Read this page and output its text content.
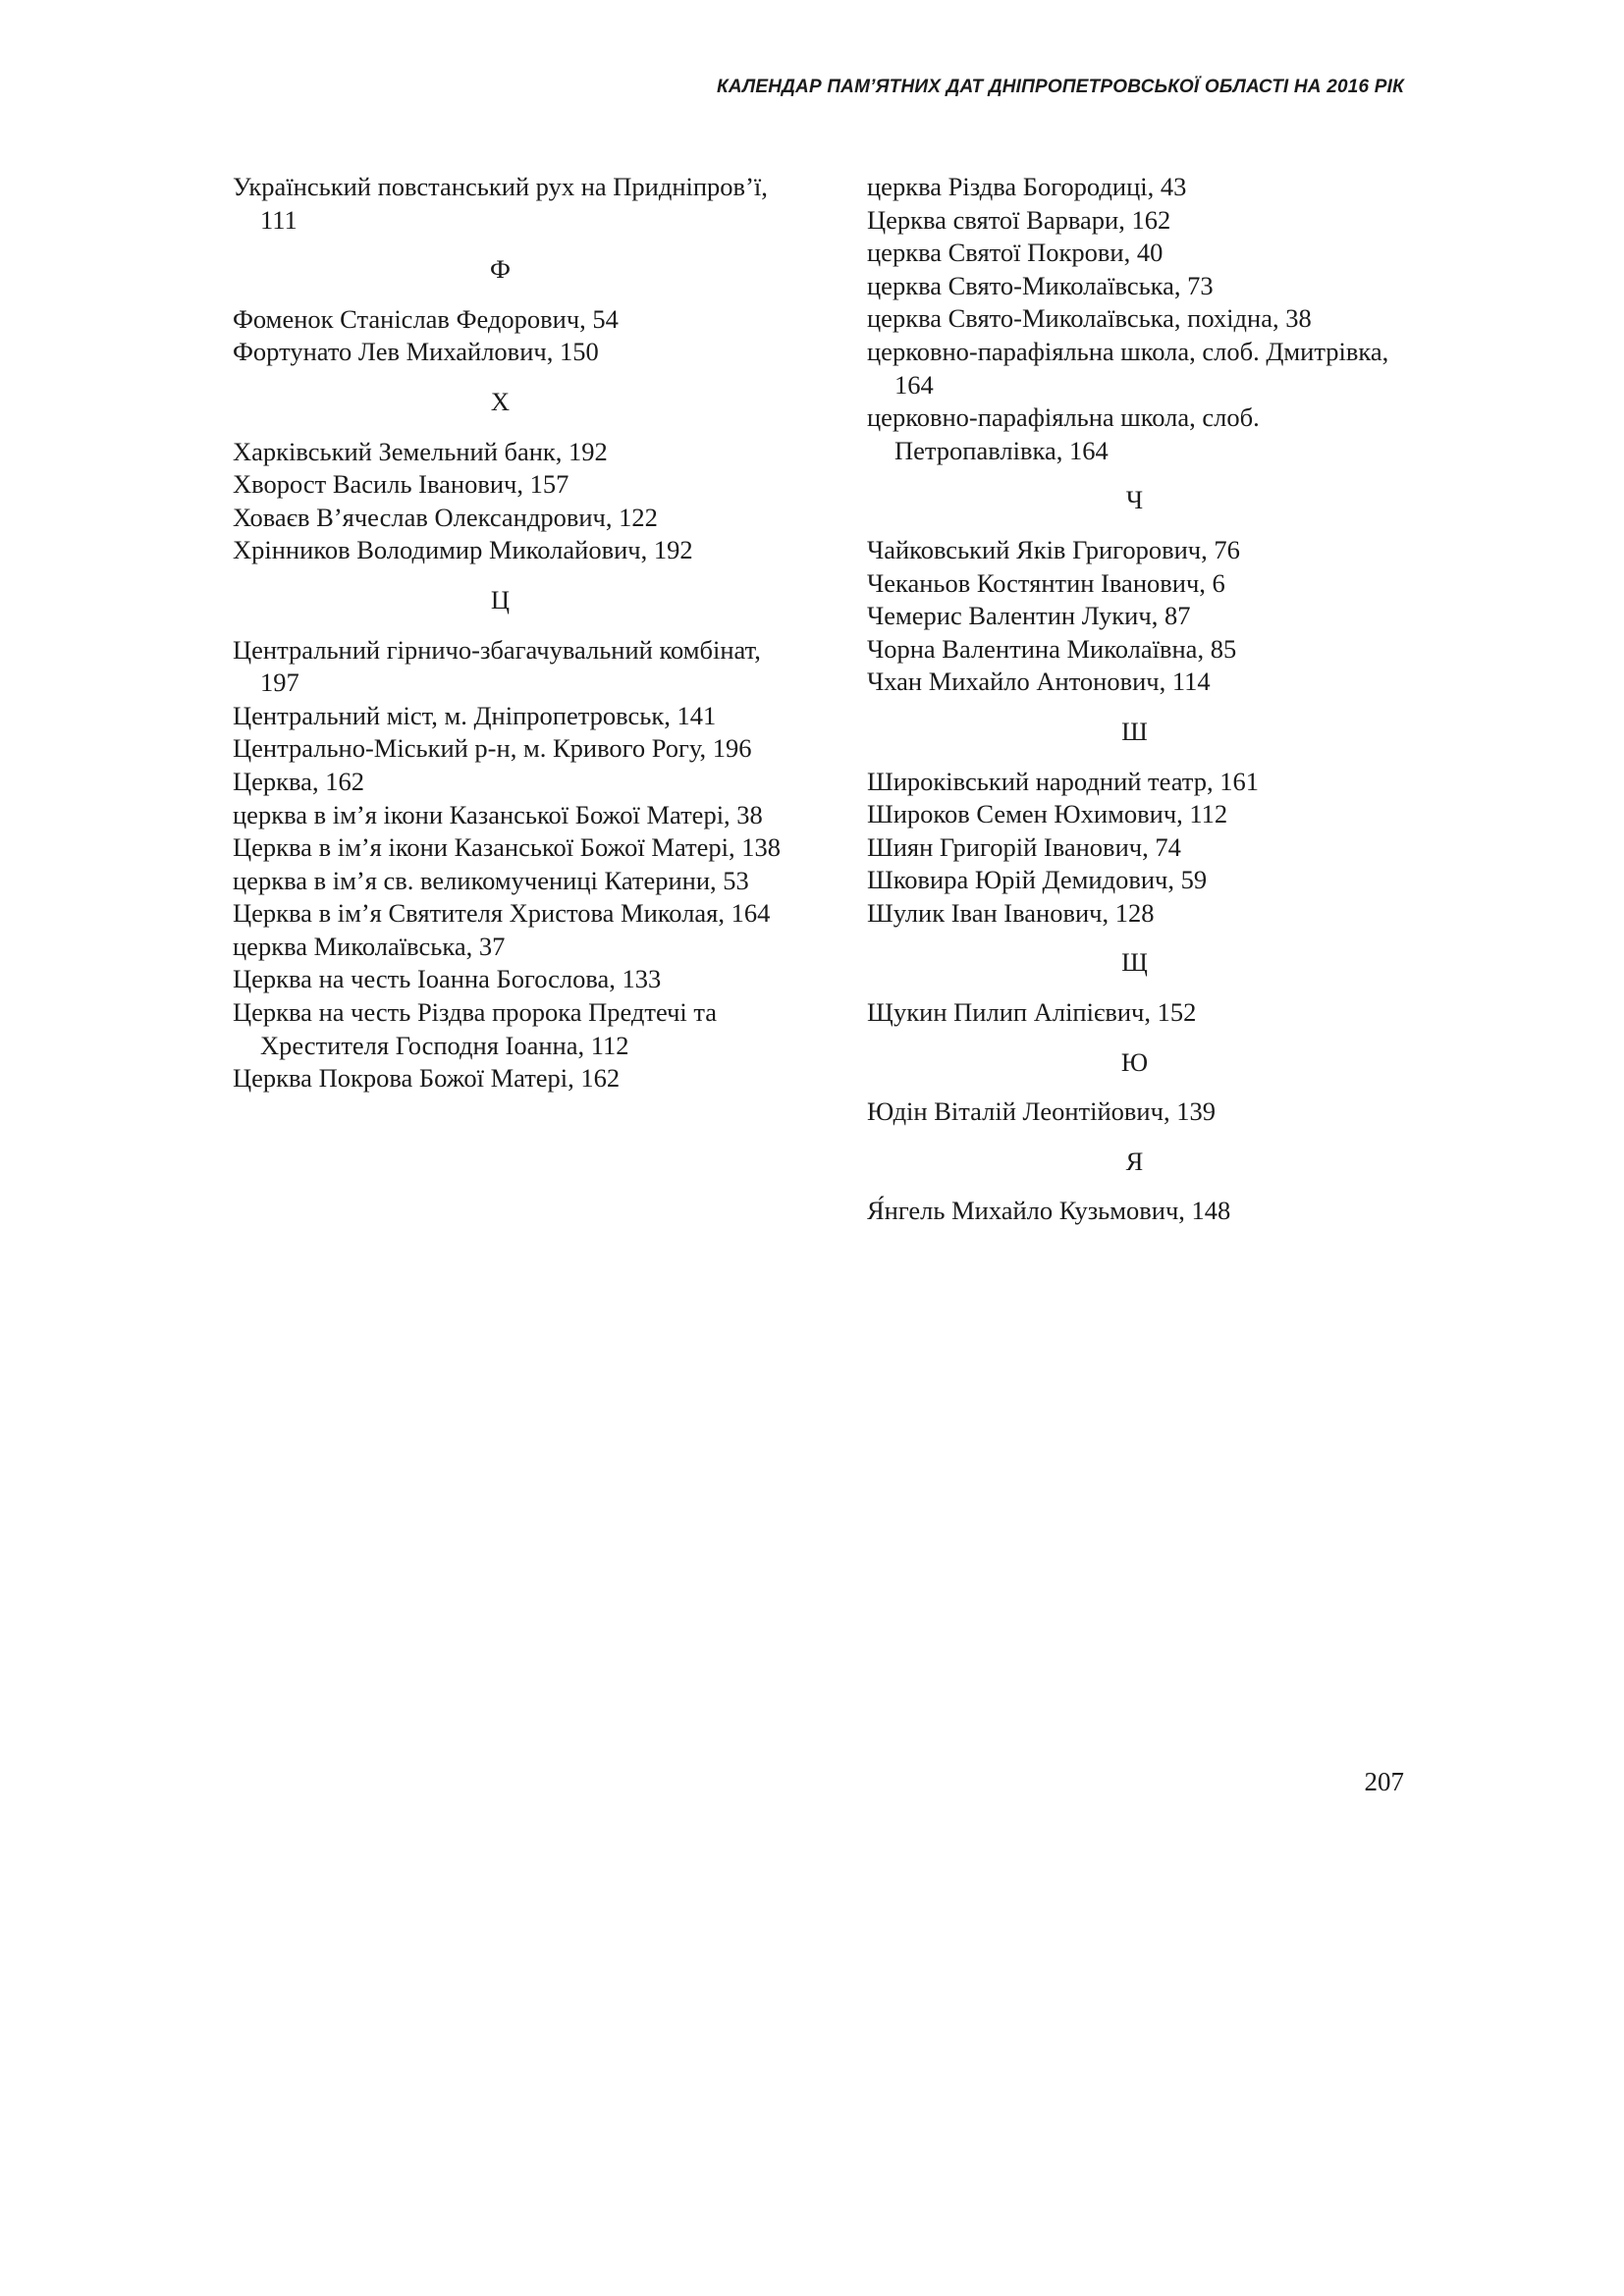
КАЛЕНДАР ПАМ’ЯТНИХ ДАТ ДНІПРОПЕТРОВСЬКОЇ ОБЛАСТІ НА 2016 РІК

Український повстанський рух на Придніпров’ї, 111

Ф

Фоменок Станіслав Федорович, 54

Фортунато Лев Михайлович, 150

Х

Харківський Земельний банк, 192

Хворост Василь Іванович, 157

Ховаєв В’ячеслав Олександрович, 122

Хрінников Володимир Миколайович, 192

Ц

Центральний гірничо-збагачувальний комбінат, 197

Центральний міст, м. Дніпропетровськ, 141

Центрально-Міський р-н, м. Кривого Рогу, 196

Церква, 162

церква в ім’я ікони Казанської Божої Матері, 38

Церква в ім’я ікони Казанської Божої Матері, 138

церква в ім’я св. великомучениці Катерини, 53

Церква в ім’я Святителя Христова Миколая, 164

церква Миколаївська, 37

Церква на честь Іоанна Богослова, 133

Церква на честь Різдва пророка Предтечі та Хрестителя Господня Іоанна, 112

Церква Покрова Божої Матері, 162

церква Різдва Богородиці, 43

Церква святої Варвари, 162

церква Святої Покрови, 40

церква Свято-Миколаївська, 73

церква Свято-Миколаївська, похідна, 38

церковно-парафіяльна школа, слоб. Дмитрівка, 164

церковно-парафіяльна школа, слоб. Петропавлівка, 164

Ч

Чайковський Яків Григорович, 76

Чеканьов Костянтин Іванович, 6

Чемерис Валентин Лукич, 87

Чорна Валентина Миколаївна, 85

Чхан Михайло Антонович, 114

Ш

Широківський народний театр, 161

Широков Семен Юхимович, 112

Шиян Григорій Іванович, 74

Шковира Юрій Демидович, 59

Шулик Іван Іванович, 128

Щ

Щукин Пилип Аліпієвич, 152

Ю

Юдін Віталій Леонтійович, 139

Я

Я́нгель Михайло Кузьмович, 148

207
